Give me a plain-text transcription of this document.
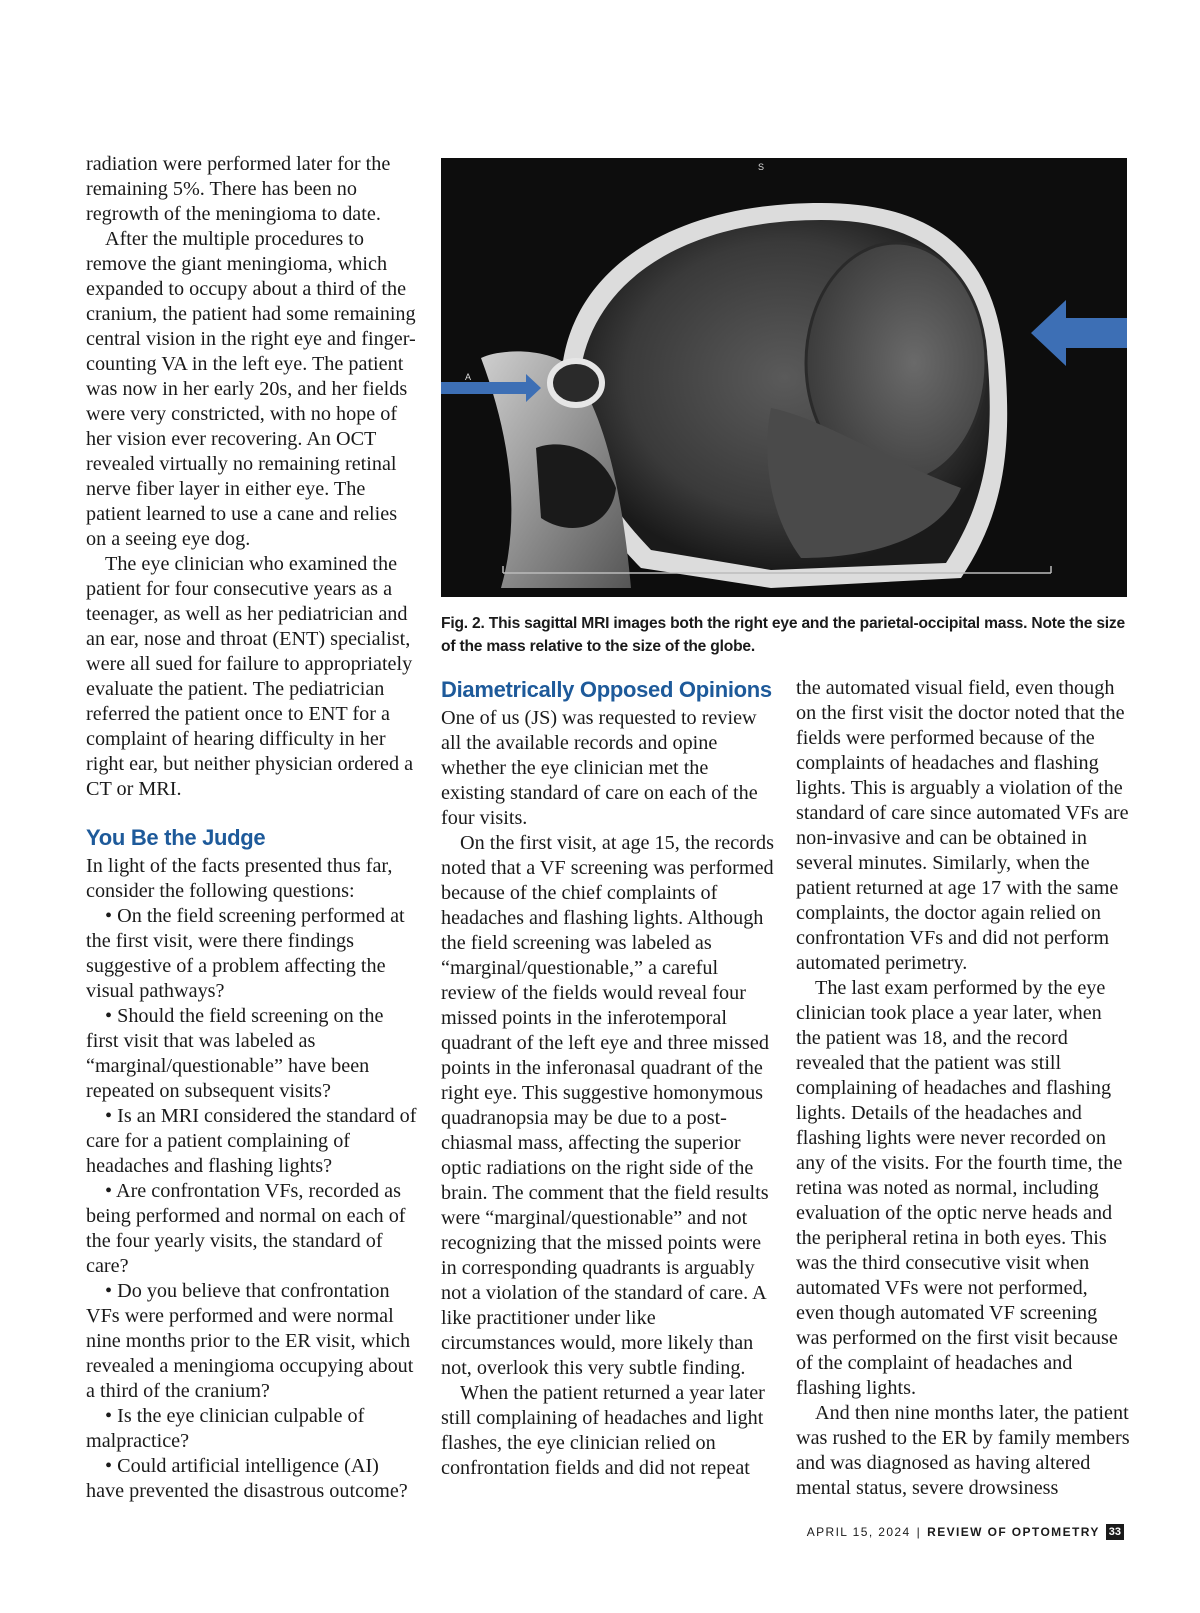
radiation were performed later for the remaining 5%. There has been no regrowth of the meningioma to date.

After the multiple procedures to remove the giant meningioma, which expanded to occupy about a third of the cranium, the patient had some remaining central vision in the right eye and finger-counting VA in the left eye. The patient was now in her early 20s, and her fields were very constricted, with no hope of her vision ever recovering. An OCT revealed virtually no remaining retinal nerve fiber layer in either eye. The patient learned to use a cane and relies on a seeing eye dog.

The eye clinician who examined the patient for four consecutive years as a teenager, as well as her pediatrician and an ear, nose and throat (ENT) specialist, were all sued for failure to appropriately evaluate the patient. The pediatrician referred the patient once to ENT for a complaint of hearing difficulty in her right ear, but neither physician ordered a CT or MRI.

You Be the Judge

In light of the facts presented thus far, consider the following questions:

• On the field screening performed at the first visit, were there findings suggestive of a problem affecting the visual pathways?

• Should the field screening on the first visit that was labeled as “marginal/questionable” have been repeated on subsequent visits?

• Is an MRI considered the standard of care for a patient complaining of headaches and flashing lights?

• Are confrontation VFs, recorded as being performed and normal on each of the four yearly visits, the standard of care?

• Do you believe that confrontation VFs were performed and were normal nine months prior to the ER visit, which revealed a meningioma occupying about a third of the cranium?

• Is the eye clinician culpable of malpractice?

• Could artificial intelligence (AI) have prevented the disastrous outcome?

S
A
Fig. 2. This sagittal MRI images both the right eye and the parietal-occipital mass. Note the size of the mass relative to the size of the globe.
Diametrically Opposed Opinions

One of us (JS) was requested to review all the available records and opine whether the eye clinician met the existing standard of care on each of the four visits.

On the first visit, at age 15, the records noted that a VF screening was performed because of the chief complaints of headaches and flashing lights. Although the field screening was labeled as “marginal/questionable,” a careful review of the fields would reveal four missed points in the inferotemporal quadrant of the left eye and three missed points in the inferonasal quadrant of the right eye. This suggestive homonymous quadranopsia may be due to a post-chiasmal mass, affecting the superior optic radiations on the right side of the brain. The comment that the field results were “marginal/questionable” and not recognizing that the missed points were in corresponding quadrants is arguably not a violation of the standard of care. A like practitioner under like circumstances would, more likely than not, overlook this very subtle finding.

When the patient returned a year later still complaining of headaches and light flashes, the eye clinician relied on confrontation fields and did not repeat

the automated visual field, even though on the first visit the doctor noted that the fields were performed because of the complaints of headaches and flashing lights. This is arguably a violation of the standard of care since automated VFs are non-invasive and can be obtained in several minutes. Similarly, when the patient returned at age 17 with the same complaints, the doctor again relied on confrontation VFs and did not perform automated perimetry.

The last exam performed by the eye clinician took place a year later, when the patient was 18, and the record revealed that the patient was still complaining of headaches and flashing lights. Details of the headaches and flashing lights were never recorded on any of the visits. For the fourth time, the retina was noted as normal, including evaluation of the optic nerve heads and the peripheral retina in both eyes. This was the third consecutive visit when automated VFs were not performed, even though automated VF screening was performed on the first visit because of the complaint of headaches and flashing lights.

And then nine months later, the patient was rushed to the ER by family members and was diagnosed as having altered mental status, severe drowsiness

APRIL 15, 2024 | REVIEW OF OPTOMETRY 33
